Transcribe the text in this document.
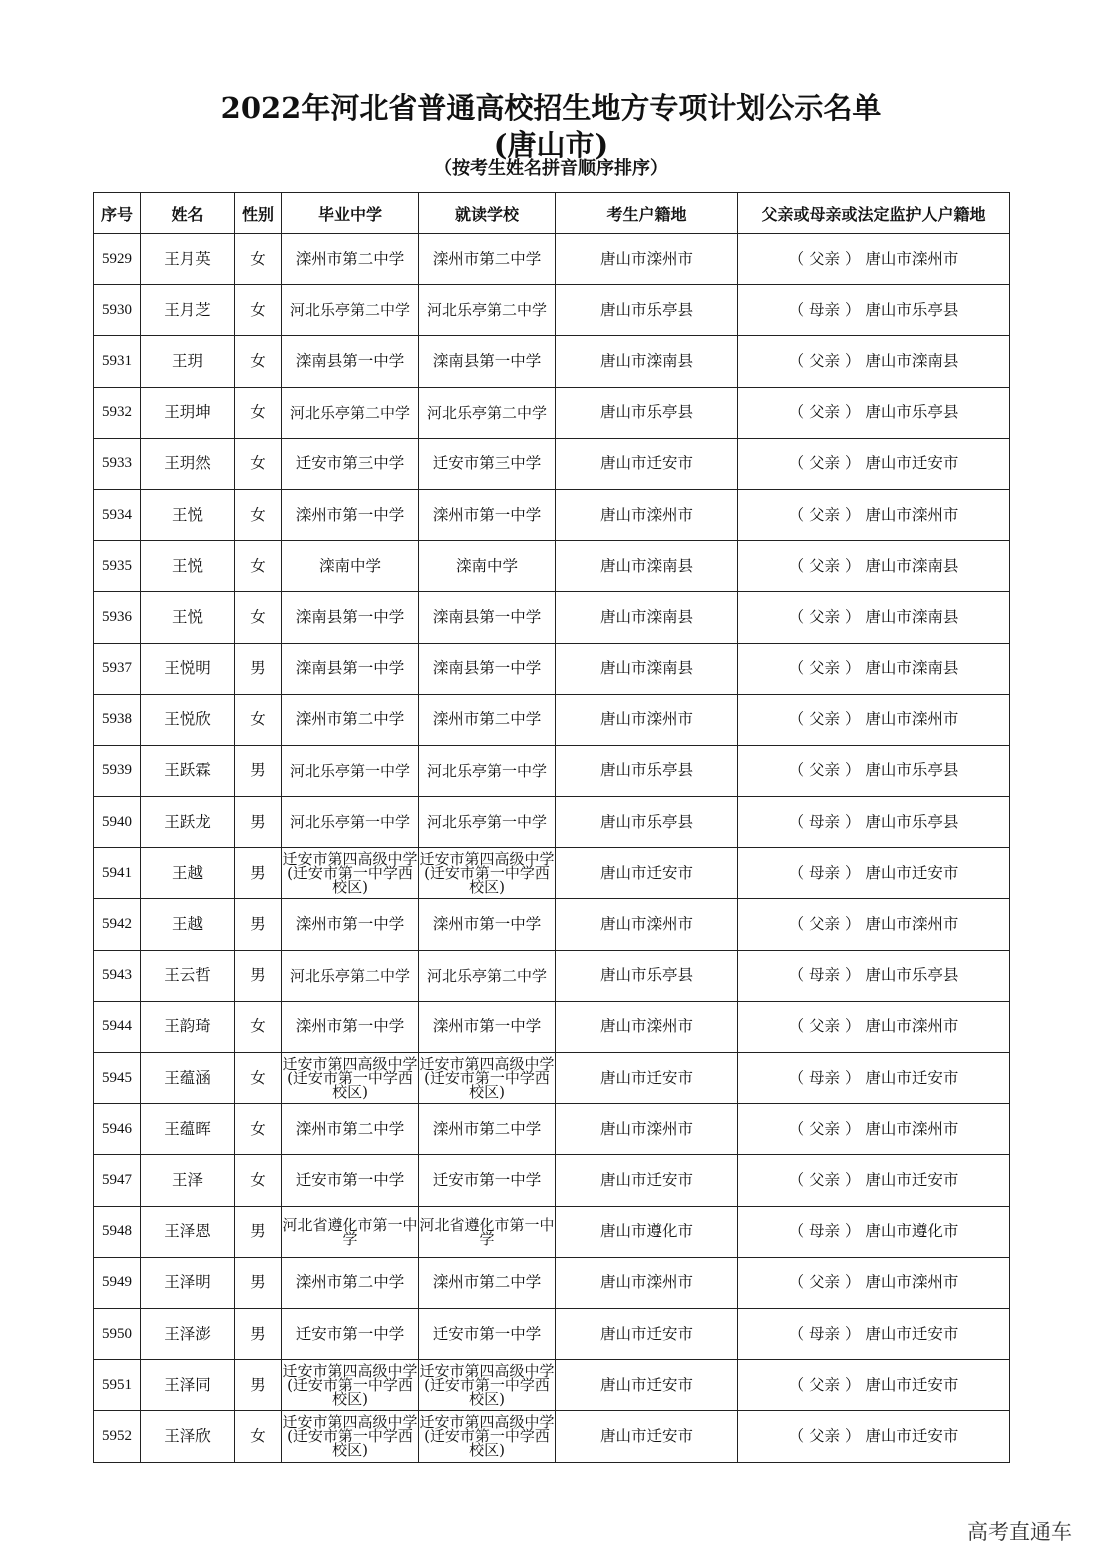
2022年河北省普通高校招生地方专项计划公示名单
(唐山市)
（按考生姓名拼音顺序排序）
序号	姓名	性别	毕业中学	就读学校	考生户籍地	父亲或母亲或法定监护人户籍地
5929	王月英	女	滦州市第二中学	滦州市第二中学	唐山市滦州市	（ 父亲 ） 唐山市滦州市
5930	王月芝	女	河北乐亭第二中学	河北乐亭第二中学	唐山市乐亭县	（ 母亲 ） 唐山市乐亭县
5931	王玥	女	滦南县第一中学	滦南县第一中学	唐山市滦南县	（ 父亲 ） 唐山市滦南县
5932	王玥坤	女	河北乐亭第二中学	河北乐亭第二中学	唐山市乐亭县	（ 父亲 ） 唐山市乐亭县
5933	王玥然	女	迁安市第三中学	迁安市第三中学	唐山市迁安市	（ 父亲 ） 唐山市迁安市
5934	王悦	女	滦州市第一中学	滦州市第一中学	唐山市滦州市	（ 父亲 ） 唐山市滦州市
5935	王悦	女	滦南中学	滦南中学	唐山市滦南县	（ 父亲 ） 唐山市滦南县
5936	王悦	女	滦南县第一中学	滦南县第一中学	唐山市滦南县	（ 父亲 ） 唐山市滦南县
5937	王悦明	男	滦南县第一中学	滦南县第一中学	唐山市滦南县	（ 父亲 ） 唐山市滦南县
5938	王悦欣	女	滦州市第二中学	滦州市第二中学	唐山市滦州市	（ 父亲 ） 唐山市滦州市
5939	王跃霖	男	河北乐亭第一中学	河北乐亭第一中学	唐山市乐亭县	（ 父亲 ） 唐山市乐亭县
5940	王跃龙	男	河北乐亭第一中学	河北乐亭第一中学	唐山市乐亭县	（ 母亲 ） 唐山市乐亭县
5941	王越	男	迁安市第四高级中学(迁安市第一中学西校区)	迁安市第四高级中学(迁安市第一中学西校区)	唐山市迁安市	（ 母亲 ） 唐山市迁安市
5942	王越	男	滦州市第一中学	滦州市第一中学	唐山市滦州市	（ 父亲 ） 唐山市滦州市
5943	王云哲	男	河北乐亭第二中学	河北乐亭第二中学	唐山市乐亭县	（ 母亲 ） 唐山市乐亭县
5944	王韵琦	女	滦州市第一中学	滦州市第一中学	唐山市滦州市	（ 父亲 ） 唐山市滦州市
5945	王蕴涵	女	迁安市第四高级中学(迁安市第一中学西校区)	迁安市第四高级中学(迁安市第一中学西校区)	唐山市迁安市	（ 母亲 ） 唐山市迁安市
5946	王蕴晖	女	滦州市第二中学	滦州市第二中学	唐山市滦州市	（ 父亲 ） 唐山市滦州市
5947	王泽	女	迁安市第一中学	迁安市第一中学	唐山市迁安市	（ 父亲 ） 唐山市迁安市
5948	王泽恩	男	河北省遵化市第一中学	河北省遵化市第一中学	唐山市遵化市	（ 母亲 ） 唐山市遵化市
5949	王泽明	男	滦州市第二中学	滦州市第二中学	唐山市滦州市	（ 父亲 ） 唐山市滦州市
5950	王泽澎	男	迁安市第一中学	迁安市第一中学	唐山市迁安市	（ 母亲 ） 唐山市迁安市
5951	王泽同	男	迁安市第四高级中学(迁安市第一中学西校区)	迁安市第四高级中学(迁安市第一中学西校区)	唐山市迁安市	（ 父亲 ） 唐山市迁安市
5952	王泽欣	女	迁安市第四高级中学(迁安市第一中学西校区)	迁安市第四高级中学(迁安市第一中学西校区)	唐山市迁安市	（ 父亲 ） 唐山市迁安市
高考直通车
